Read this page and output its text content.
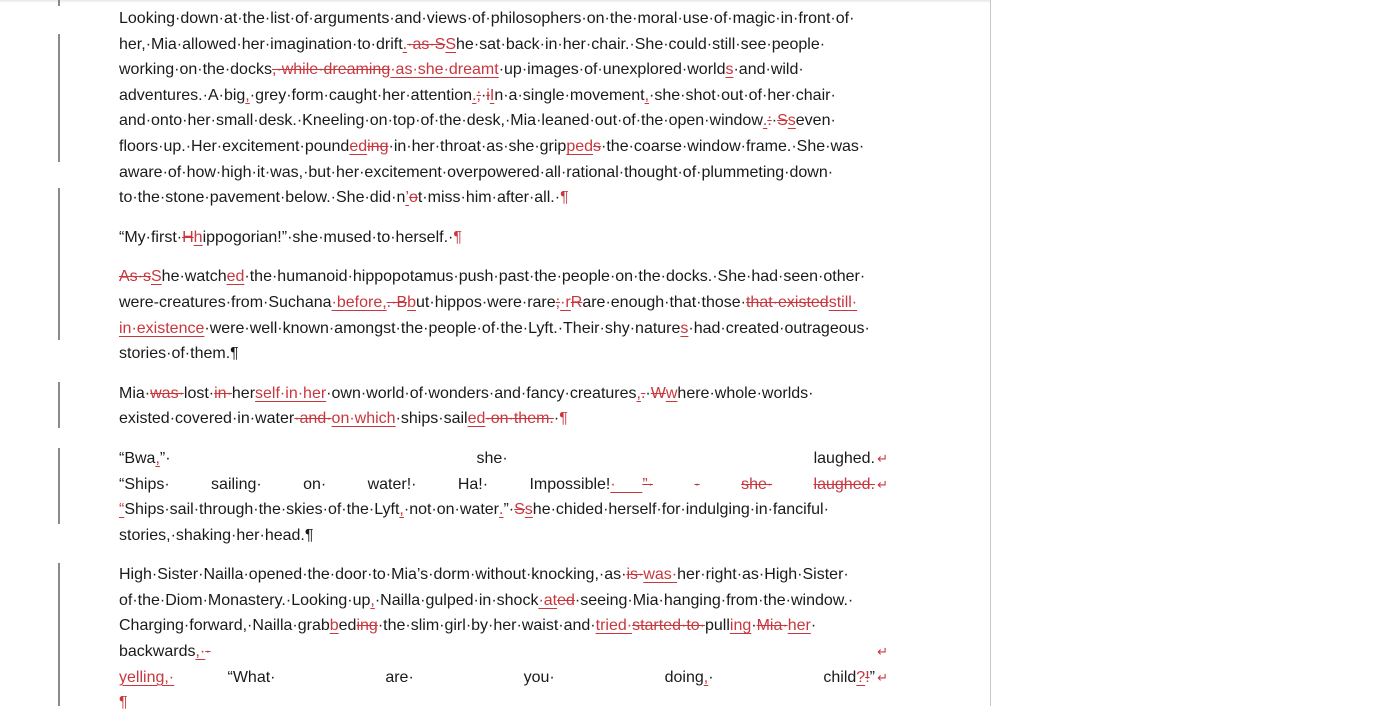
Looking·down·at·the·list·of·arguments·and·views·of·philosophers·on·the·moral·use·of·magic·in·front·of·
her,·Mia·allowed·her·imagination·to·drift . ·as·S S he·sat·back·in·her·chair.·She·could·still·see·people·
working·on·the·docks ,·while·dreaming ·as·she·dreamt ·up·images·of·unexplored·world s ·and·wild·
adventures.·A·big , ·grey·form·caught·her·attention . ; · i I n·a·single·movement , ·she·shot·out·of·her·chair·
and·onto·her·small·desk.·Kneeling·on·top·of·the·desk,·Mia·leaned·out·of·the·open·window . : · S s even·
floors·up.·Her·excitement·pound ed ing ·in·her·throat·as·she·grip ped s ·the·coarse·window·frame.·She·was·
aware·of·how·high·it·was,·but·her·excitement·overpowered·all·rational·thought·of·plummeting·down·
to·the·stone·pavement·below.·She·did·n ’ o t·miss·him·after·all.· ¶
“My·first· H h ippogorian!”·she·mused·to·herself.· ¶
As·s S he·watch ed ·the·humanoid·hippopotamus·push·past·the·people·on·the·docks.·She·had·seen·other·
were-creatures·from·Suchana ·before, .·B b ut·hippos·were·rare ; ·r R are·enough·that·those· that·existed still·
in·existence ·were·well·known·amongst·the·people·of·the·Lyft.·Their·shy·nature s ·had·created·outrageous·
stories·of·them. ¶
Mia· was· lost· in· her self·in·her ·own·world·of·wonders·and·fancy·creatures , . · W w here·whole·worlds·
existed·covered·in·water ·and· on·which ·ships·sail ed ·on·them. · ¶
“Bwa,”·	she·	laughed. ↵
“Ships·	sailing·	on·	water!·	Ha!·	Impossible!·      ”·	·	she·	laughed. ↵
“ Ships·sail·through·the·skies·of·the·Lyft , ·not·on·water . ”· S s he·chided·herself·for·indulging·in·fanciful·
stories,·shaking·her·head. ¶
High·Sister·Nailla·opened·the·door·to·Mia’s·dorm·without·knocking,·as· is· was· her·right·as·High·Sister·
of·the·Diom·Monastery.·Looking·up , ·Nailla·gulped·in·shock ·at ed ·seeing·Mia·hanging·from·the·window.·
Charging·forward,·Nailla·grab b ed ing ·the·slim·girl·by·her·waist·and· tried· started·to· pull ing · Mia· her ·
backwards ,· ·	↵
yelling,·            “What·	are·	you·	doing,·	child?!” ↵
¶
